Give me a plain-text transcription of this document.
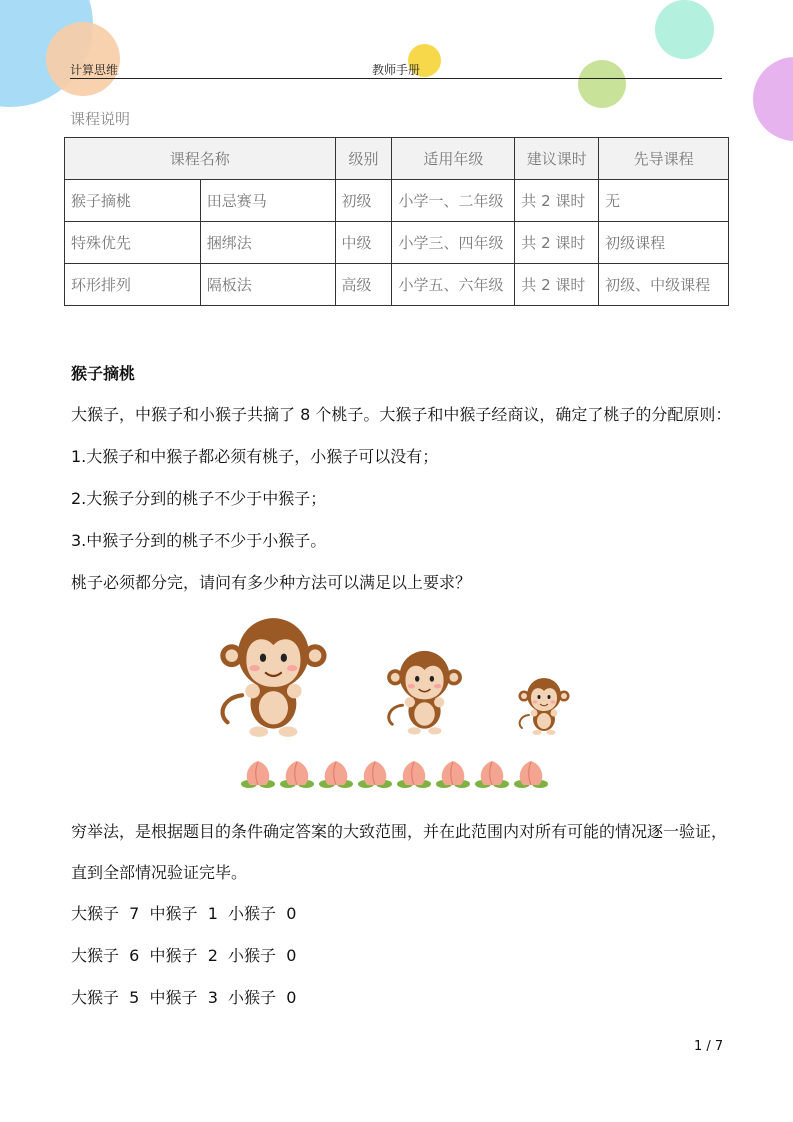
计算思维	教师手册
课程说明
课程名称		级别	适用年级	建议课时	先导课程
猴子摘桃	田忌赛马	初级	小学一、二年级	共 2 课时	无
特殊优先	捆绑法	中级	小学三、四年级	共 2 课时	初级课程
环形排列	隔板法	高级	小学五、六年级	共 2 课时	初级、中级课程
猴子摘桃
大猴子，中猴子和小猴子共摘了 8 个桃子。大猴子和中猴子经商议，确定了桃子的分配原则：
1.大猴子和中猴子都必须有桃子，小猴子可以没有；
2.大猴子分到的桃子不少于中猴子；
3.中猴子分到的桃子不少于小猴子。
桃子必须都分完，请问有多少种方法可以满足以上要求？
穷举法，是根据题目的条件确定答案的大致范围，并在此范围内对所有可能的情况逐一验证，
直到全部情况验证完毕。
大猴子  7  中猴子  1  小猴子  0
大猴子  6  中猴子  2  小猴子  0
大猴子  5  中猴子  3  小猴子  0
1 / 7
